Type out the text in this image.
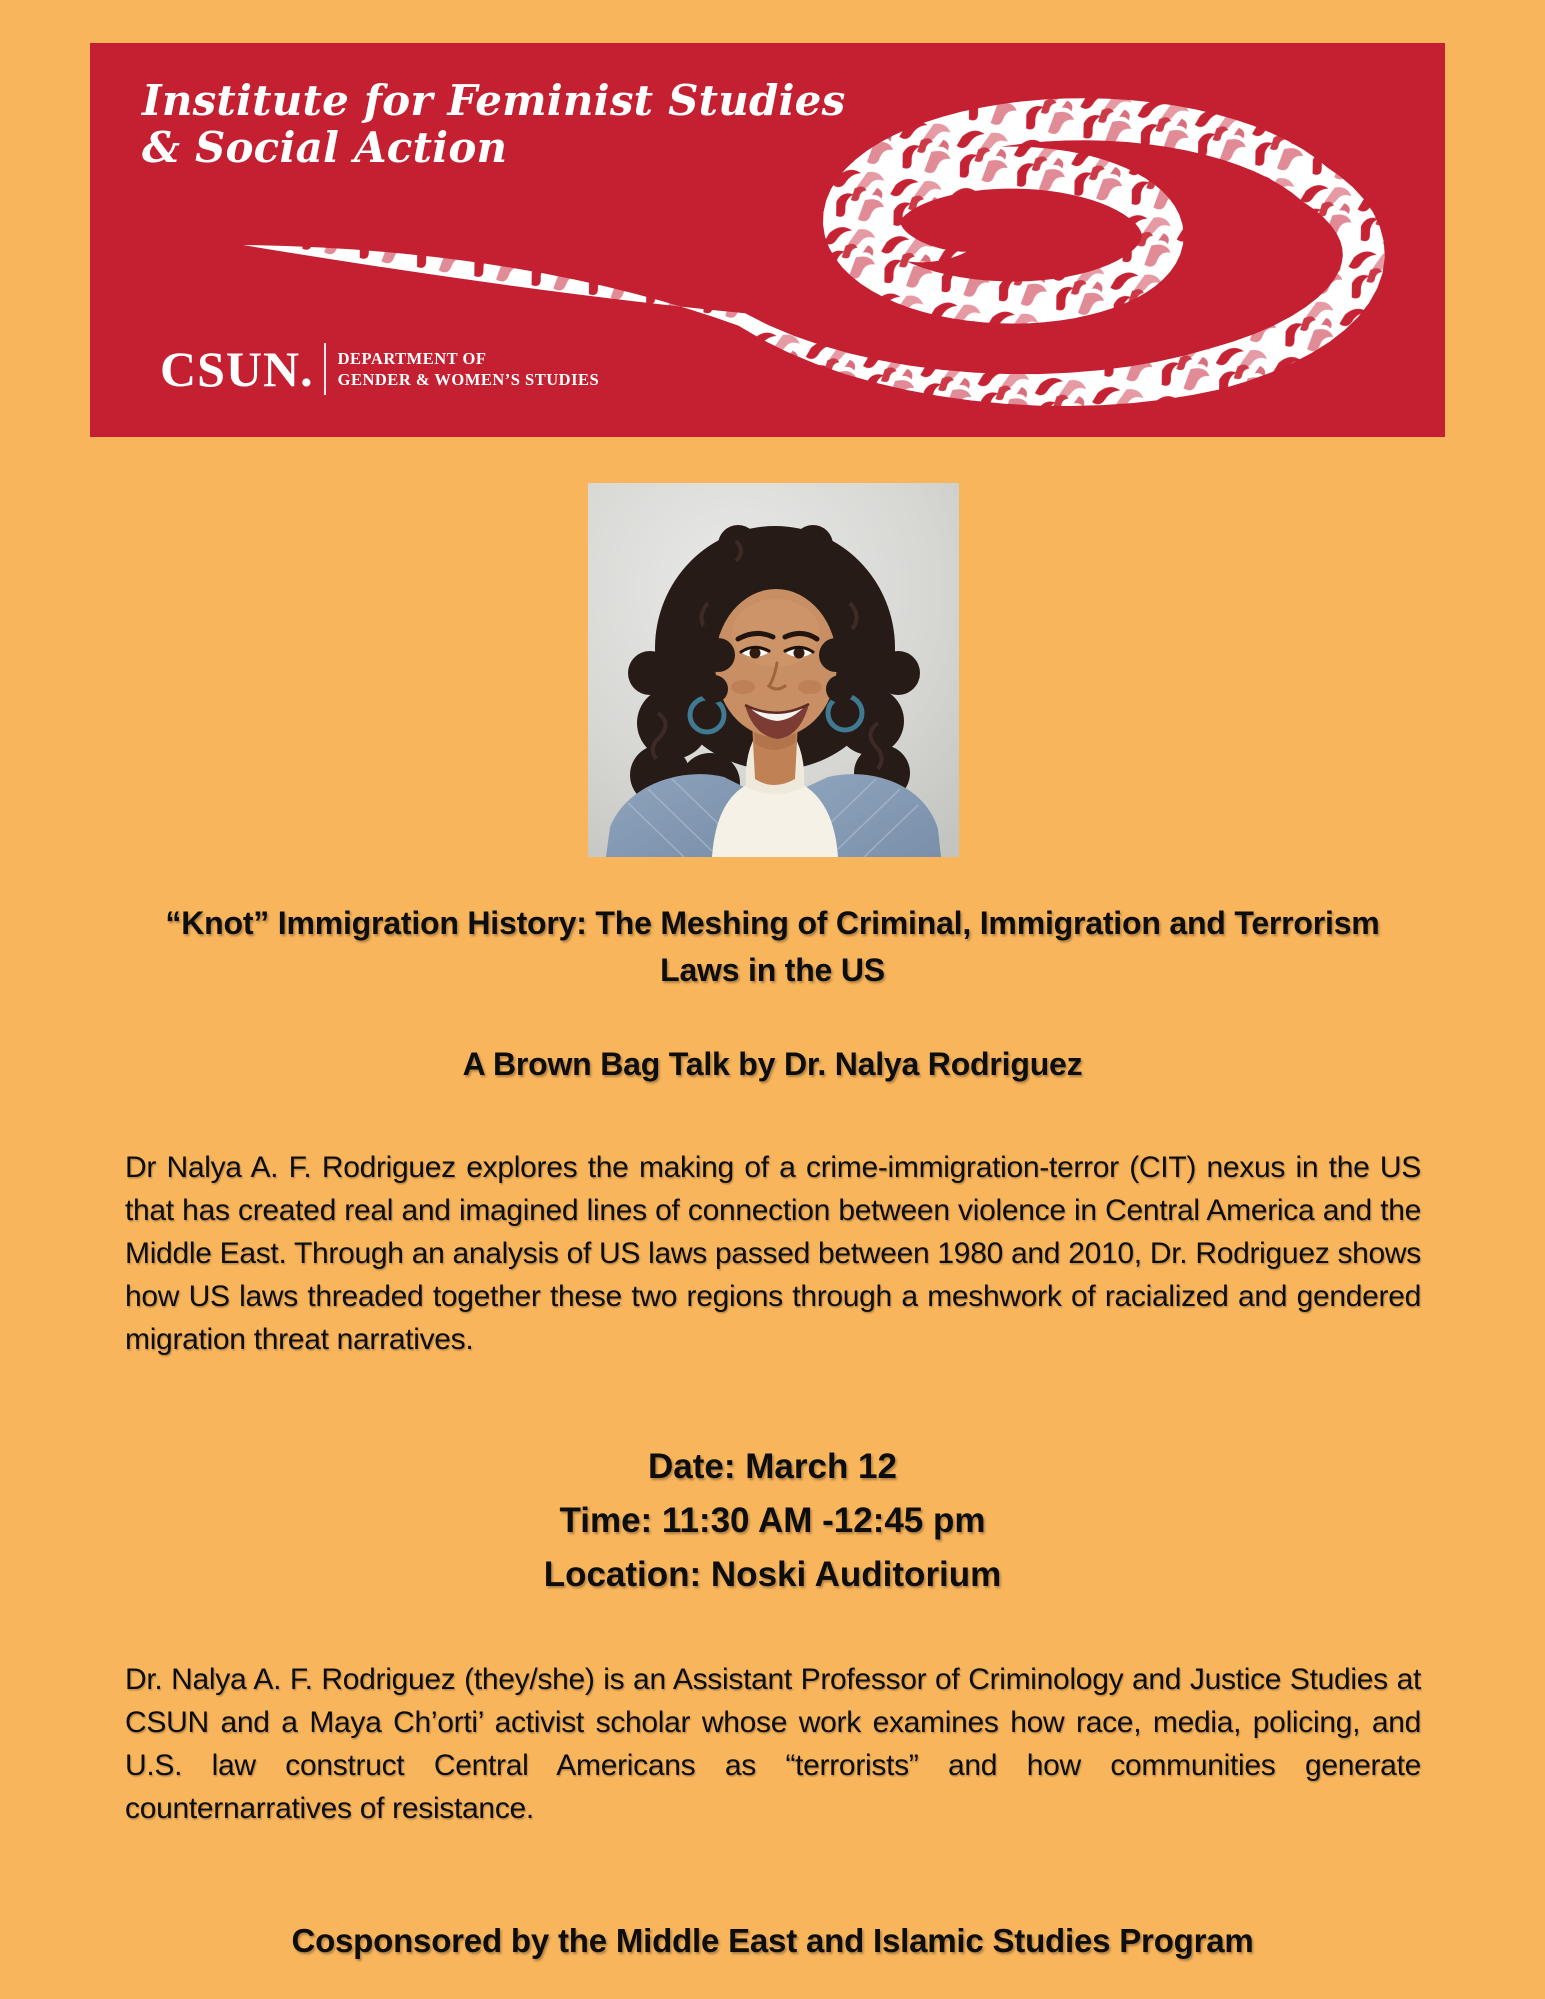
Institute for Feminist Studies
& Social Action
CSUN. DEPARTMENT OF
GENDER & WOMEN’S STUDIES
“Knot” Immigration History: The Meshing of Criminal, Immigration and Terrorism Laws in the US
A Brown Bag Talk by Dr. Nalya Rodriguez

Dr Nalya A. F. Rodriguez explores the making of a crime-immigration-terror (CIT) nexus in the US that has created real and imagined lines of connection between violence in Central America and the Middle East. Through an analysis of US laws passed between 1980 and 2010, Dr. Rodriguez shows how US laws threaded together these two regions through a meshwork of racialized and gendered migration threat narratives.

Date: March 12
Time: 11:30 AM -12:45 pm
Location: Noski Auditorium

Dr. Nalya A. F. Rodriguez (they/she) is an Assistant Professor of Criminology and Justice Studies at CSUN and a Maya Ch’orti’ activist scholar whose work examines how race, media, policing, and U.S. law construct Central Americans as “terrorists” and how communities generate counternarratives of resistance.

Cosponsored by the Middle East and Islamic Studies Program
